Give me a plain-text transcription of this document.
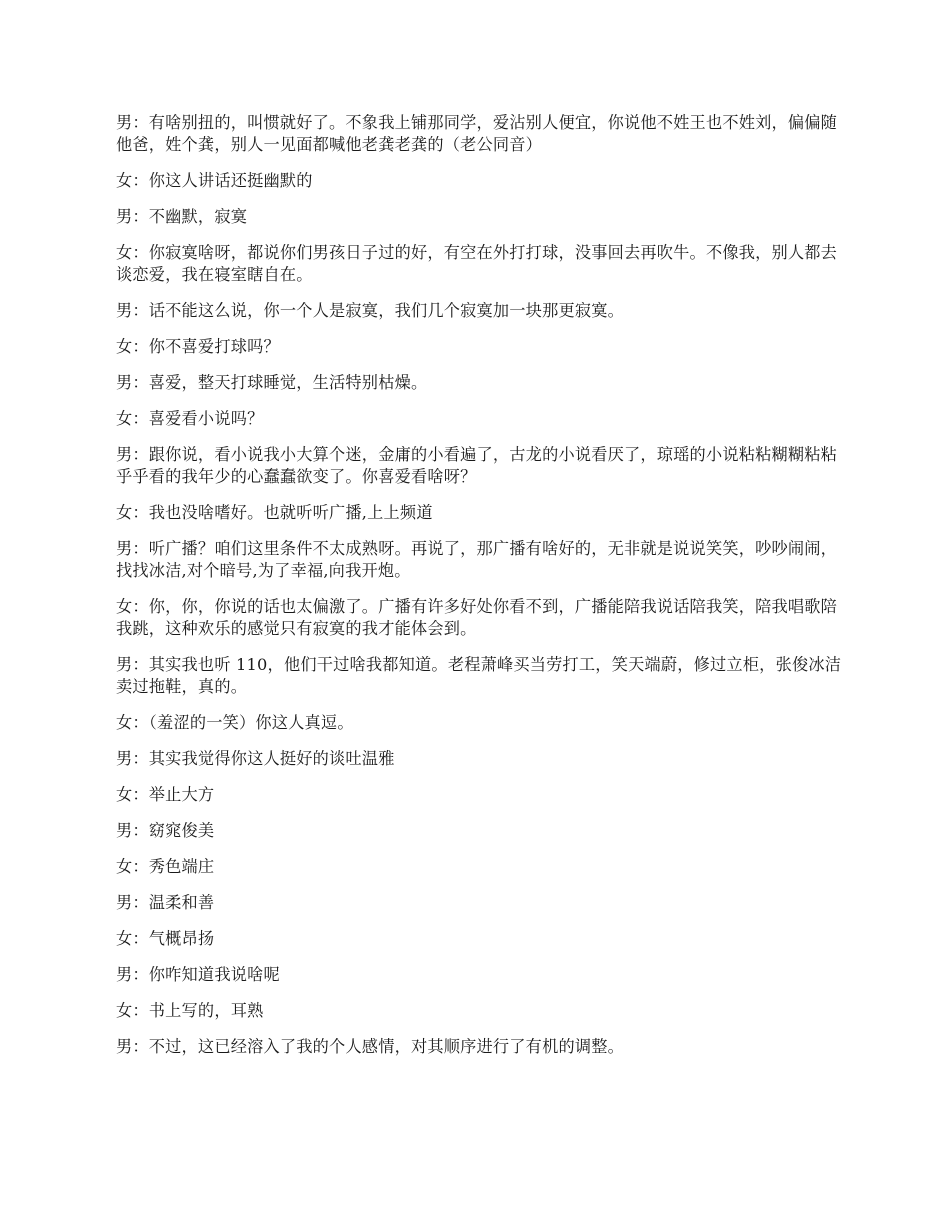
男：有啥别扭的，叫惯就好了。不象我上铺那同学，爱沾别人便宜，你说他不姓王也不姓刘，偏偏随他爸，姓个龚，别人一见面都喊他老龚老龚的（老公同音）

女：你这人讲话还挺幽默的

男：不幽默，寂寞

女：你寂寞啥呀，都说你们男孩日子过的好，有空在外打打球，没事回去再吹牛。不像我，别人都去谈恋爱，我在寝室瞎自在。

男：话不能这么说，你一个人是寂寞，我们几个寂寞加一块那更寂寞。

女：你不喜爱打球吗？

男：喜爱，整天打球睡觉，生活特别枯燥。

女：喜爱看小说吗？

男：跟你说，看小说我小大算个迷，金庸的小看遍了，古龙的小说看厌了，琼瑶的小说粘粘糊糊粘粘乎乎看的我年少的心蠢蠢欲变了。你喜爱看啥呀？

女：我也没啥嗜好。也就听听广播,上上频道

男：听广播？咱们这里条件不太成熟呀。再说了，那广播有啥好的，无非就是说说笑笑，吵吵闹闹，找找冰洁,对个暗号,为了幸福,向我开炮。

女：你，你，你说的话也太偏激了。广播有许多好处你看不到，广播能陪我说话陪我笑，陪我唱歌陪我跳，这种欢乐的感觉只有寂寞的我才能体会到。

男：其实我也听 110，他们干过啥我都知道。老程萧峰买当劳打工，笑天端蔚，修过立柜，张俊冰洁卖过拖鞋，真的。

女：（羞涩的一笑）你这人真逗。

男：其实我觉得你这人挺好的谈吐温雅

女：举止大方

男：窈窕俊美

女：秀色端庄

男：温柔和善

女：气概昂扬

男：你咋知道我说啥呢

女：书上写的，耳熟

男：不过，这已经溶入了我的个人感情，对其顺序进行了有机的调整。
